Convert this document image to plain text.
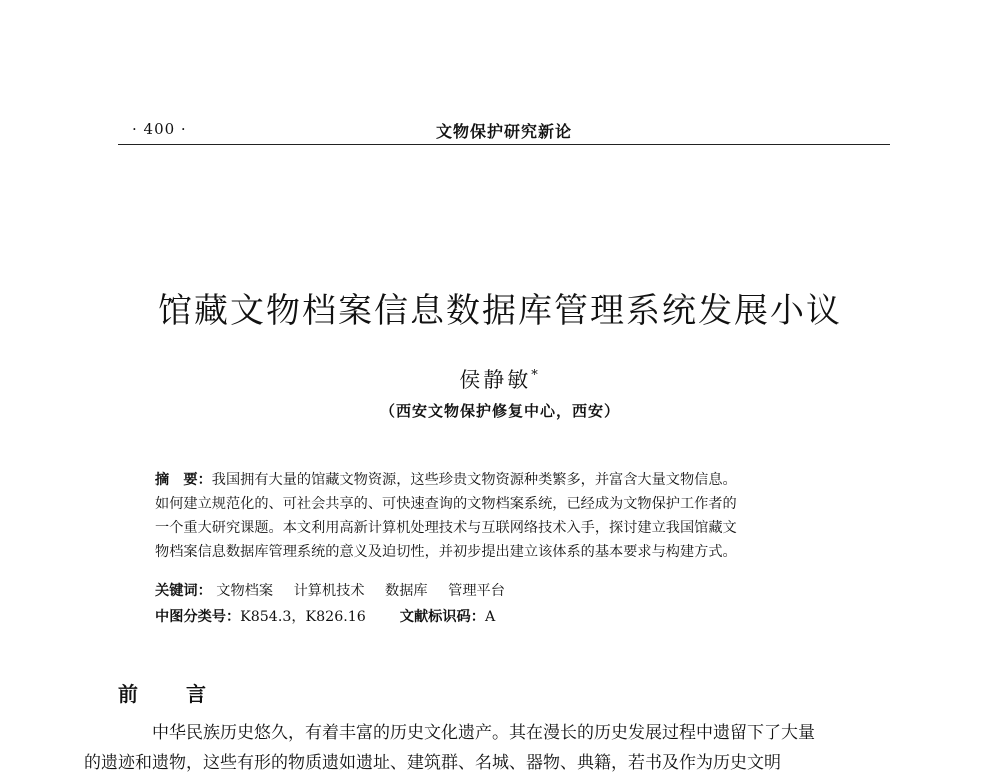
· 400 ·	文物保护研究新论
馆藏文物档案信息数据库管理系统发展小议
侯静敏*
（西安文物保护修复中心，西安）
摘　要：我国拥有大量的馆藏文物资源，这些珍贵文物资源种类繁多，并富含大量文物信息。
如何建立规范化的、可社会共享的、可快速查询的文物档案系统，已经成为文物保护工作者的
一个重大研究课题。本文利用高新计算机处理技术与互联网络技术入手，探讨建立我国馆藏文
物档案信息数据库管理系统的意义及迫切性，并初步提出建立该体系的基本要求与构建方式。
关键词： 文物档案 计算机技术 数据库 管理平台
中图分类号：K854.3，K826.16 文献标识码：A
前　言
中华民族历史悠久，有着丰富的历史文化遗产。其在漫长的历史发展过程中遗留下了大量
的遗迹和遗物，这些有形的物质遗如遗址、建筑群、名城、器物、典籍，若书及作为历史文明
